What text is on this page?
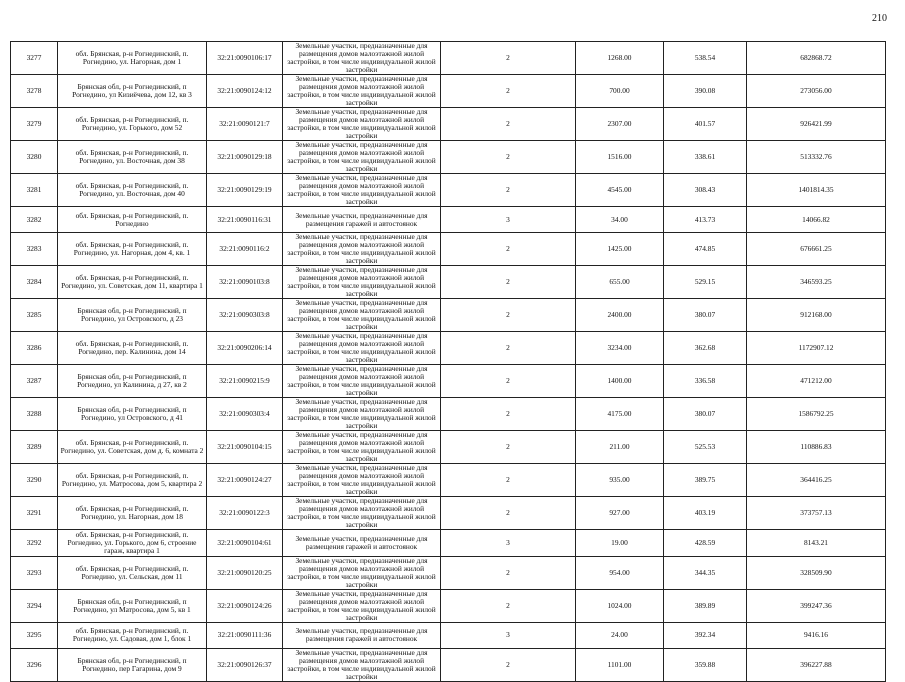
210
3277	обл. Брянская, р-н Рогнединский, п. Рогнедино, ул. Нагорная, дом 1	32:21:0090106:17	Земельные участки, предназначенные для размещения домов малоэтажной жилой застройки, в том числе индивидуальной жилой застройки	2	1268.00	538.54	682868.72
3278	Брянская обл, р-н Рогнединский, п Рогнедино, ул Кизиёчева, дом 12, кв 3	32:21:0090124:12	Земельные участки, предназначенные для размещения домов малоэтажной жилой застройки, в том числе индивидуальной жилой застройки	2	700.00	390.08	273056.00
3279	обл. Брянская, р-н Рогнединский, п. Рогнедино, ул. Горького, дом 52	32:21:0090121:7	Земельные участки, предназначенные для размещения домов малоэтажной жилой застройки, в том числе индивидуальной жилой застройки	2	2307.00	401.57	926421.99
3280	обл. Брянская, р-н Рогнединский, п. Рогнедино, ул. Восточная, дом 38	32:21:0090129:18	Земельные участки, предназначенные для размещения домов малоэтажной жилой застройки, в том числе индивидуальной жилой застройки	2	1516.00	338.61	513332.76
3281	обл. Брянская, р-н Рогнединский, п. Рогнедино, ул. Восточная, дом 40	32:21:0090129:19	Земельные участки, предназначенные для размещения домов малоэтажной жилой застройки, в том числе индивидуальной жилой застройки	2	4545.00	308.43	1401814.35
3282	обл. Брянская, р-н Рогнединский, п. Рогнедино	32:21:0090116:31	Земельные участки, предназначенные для размещения гаражей и автостоянок	3	34.00	413.73	14066.82
3283	обл. Брянская, р-н Рогнединский, п. Рогнедино, ул. Нагорная, дом 4, кв. 1	32:21:0090116:2	Земельные участки, предназначенные для размещения домов малоэтажной жилой застройки, в том числе индивидуальной жилой застройки	2	1425.00	474.85	676661.25
3284	обл. Брянская, р-н Рогнединский, п. Рогнедино, ул. Советская, дом 11, квартира 1	32:21:0090103:8	Земельные участки, предназначенные для размещения домов малоэтажной жилой застройки, в том числе индивидуальной жилой застройки	2	655.00	529.15	346593.25
3285	Брянская обл, р-н Рогнединский, п Рогнедино, ул Островского, д 23	32:21:0090303:8	Земельные участки, предназначенные для размещения домов малоэтажной жилой застройки, в том числе индивидуальной жилой застройки	2	2400.00	380.07	912168.00
3286	обл. Брянская, р-н Рогнединский, п. Рогнедино, пер. Калинина, дом 14	32:21:0090206:14	Земельные участки, предназначенные для размещения домов малоэтажной жилой застройки, в том числе индивидуальной жилой застройки	2	3234.00	362.68	1172907.12
3287	Брянская обл, р-н Рогнединский, п Рогнедино, ул Калинина, д 27, кв 2	32:21:0090215:9	Земельные участки, предназначенные для размещения домов малоэтажной жилой застройки, в том числе индивидуальной жилой застройки	2	1400.00	336.58	471212.00
3288	Брянская обл, р-н Рогнединский, п Рогнедино, ул Островского, д 41	32:21:0090303:4	Земельные участки, предназначенные для размещения домов малоэтажной жилой застройки, в том числе индивидуальной жилой застройки	2	4175.00	380.07	1586792.25
3289	обл. Брянская, р-н Рогнединский, п. Рогнедино, ул. Советская, дом д. 6, комната 2	32:21:0090104:15	Земельные участки, предназначенные для размещения домов малоэтажной жилой застройки, в том числе индивидуальной жилой застройки	2	211.00	525.53	110886.83
3290	обл. Брянская, р-н Рогнединский, п. Рогнедино, ул. Матросова, дом 5, квартира 2	32:21:0090124:27	Земельные участки, предназначенные для размещения домов малоэтажной жилой застройки, в том числе индивидуальной жилой застройки	2	935.00	389.75	364416.25
3291	обл. Брянская, р-н Рогнединский, п. Рогнедино, ул. Нагорная, дом 18	32:21:0090122:3	Земельные участки, предназначенные для размещения домов малоэтажной жилой застройки, в том числе индивидуальной жилой застройки	2	927.00	403.19	373757.13
3292	обл. Брянская, р-н Рогнединский, п. Рогнедино, ул. Горького, дом 6, строение гараж, квартира 1	32:21:0090104:61	Земельные участки, предназначенные для размещения гаражей и автостоянок	3	19.00	428.59	8143.21
3293	обл. Брянская, р-н Рогнединский, п. Рогнедино, ул. Сельская, дом 11	32:21:0090120:25	Земельные участки, предназначенные для размещения домов малоэтажной жилой застройки, в том числе индивидуальной жилой застройки	2	954.00	344.35	328509.90
3294	Брянская обл, р-н Рогнединский, п Рогнедино, ул Матросова, дом 5, кв 1	32:21:0090124:26	Земельные участки, предназначенные для размещения домов малоэтажной жилой застройки, в том числе индивидуальной жилой застройки	2	1024.00	389.89	399247.36
3295	обл. Брянская, р-н Рогнединский, п. Рогнедино, ул. Садовая, дом 1, блок 1	32:21:0090111:36	Земельные участки, предназначенные для размещения гаражей и автостоянок	3	24.00	392.34	9416.16
3296	Брянская обл, р-н Рогнединский, п Рогнедино, пер Гагарина, дом 9	32:21:0090126:37	Земельные участки, предназначенные для размещения домов малоэтажной жилой застройки, в том числе индивидуальной жилой застройки	2	1101.00	359.88	396227.88
